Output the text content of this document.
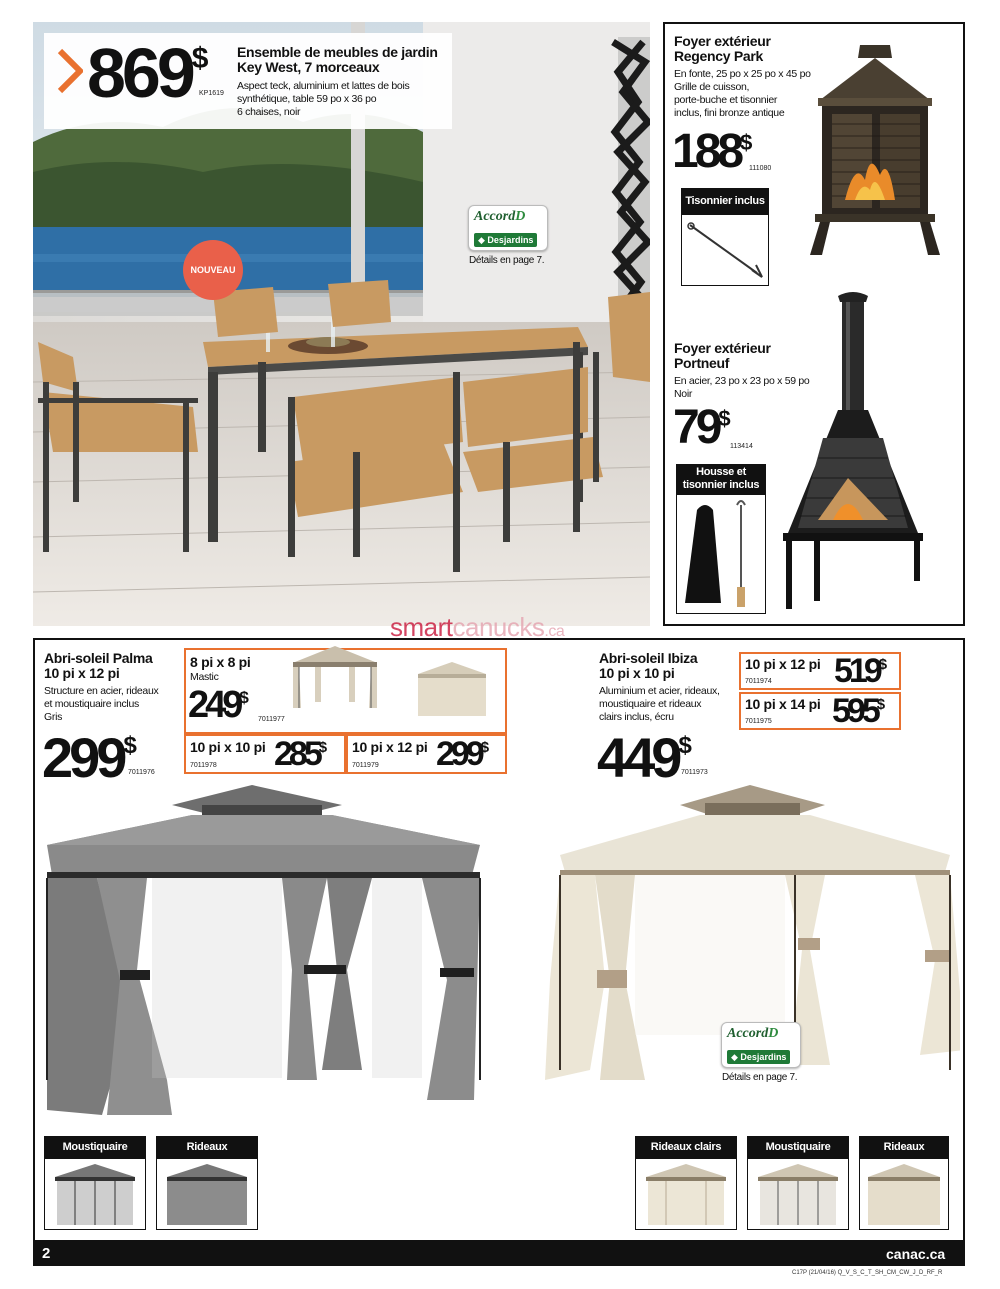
869$
KP1619
Ensemble de meubles de jardin
Key West, 7 morceaux
Aspect teck, aluminium et lattes de bois
synthétique, table 59 po x 36 po
6 chaises, noir
NOUVEAU
AccordD
◆ Desjardins
Détails en page 7.
Foyer extérieur
Regency Park
En fonte, 25 po x 25 po x 45 po
Grille de cuisson,
porte-buche et tisonnier
inclus, fini bronze antique
188$
111080
Tisonnier inclus
Foyer extérieur
Portneuf
En acier, 23 po x 23 po x 59 po
Noir
79$
113414
Housse et
tisonnier inclus
smartcanucks.ca
Abri-soleil Palma
10 pi x 12 pi
Structure en acier, rideaux
et moustiquaire inclus
Gris
299$
7011976
8 pi x 8 pi
Mastic
249$
7011977
10 pi x 10 pi 285$
7011978
10 pi x 12 pi 299$
7011979
Moustiquaire	Rideaux
Abri-soleil Ibiza
10 pi x 10 pi
Aluminium et acier, rideaux,
moustiquaire et rideaux
clairs inclus, écru
449$
7011973
10 pi x 12 pi 519$
7011974
10 pi x 14 pi 595$
7011975
AccordD
◆ Desjardins
Détails en page 7.
Rideaux clairs	Moustiquaire	Rideaux
2	canac.ca
C17P (21/04/16) Q_V_S_C_T_SH_CM_CW_J_D_RF_R
